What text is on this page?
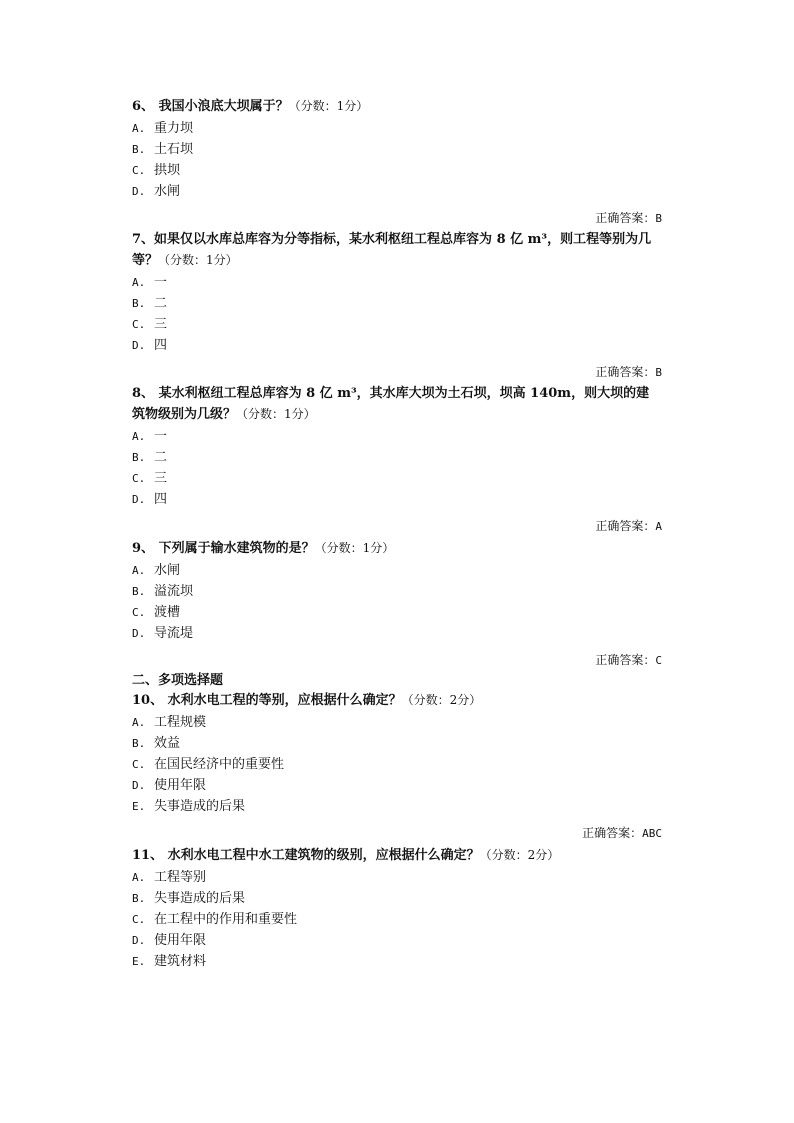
6、 我国小浪底大坝属于？（分数：1分）

A. 重力坝
B. 土石坝
C. 拱坝
D. 水闸
正确答案：B

7、如果仅以水库总库容为分等指标，某水利枢纽工程总库容为 8 亿 m³，则工程等别为几等？（分数：1分）

A. 一
B. 二
C. 三
D. 四
正确答案：B

8、 某水利枢纽工程总库容为 8 亿 m³，其水库大坝为土石坝，坝高 140m，则大坝的建筑物级别为几级？（分数：1分）

A. 一
B. 二
C. 三
D. 四
正确答案：A

9、 下列属于输水建筑物的是？（分数：1分）

A. 水闸
B. 溢流坝
C. 渡槽
D. 导流堤
正确答案：C

二、多项选择题

10、 水利水电工程的等别，应根据什么确定？（分数：2分）

A. 工程规模
B. 效益
C. 在国民经济中的重要性
D. 使用年限
E. 失事造成的后果
正确答案：ABC

11、 水利水电工程中水工建筑物的级别，应根据什么确定？（分数：2分）

A. 工程等别
B. 失事造成的后果
C. 在工程中的作用和重要性
D. 使用年限
E. 建筑材料
